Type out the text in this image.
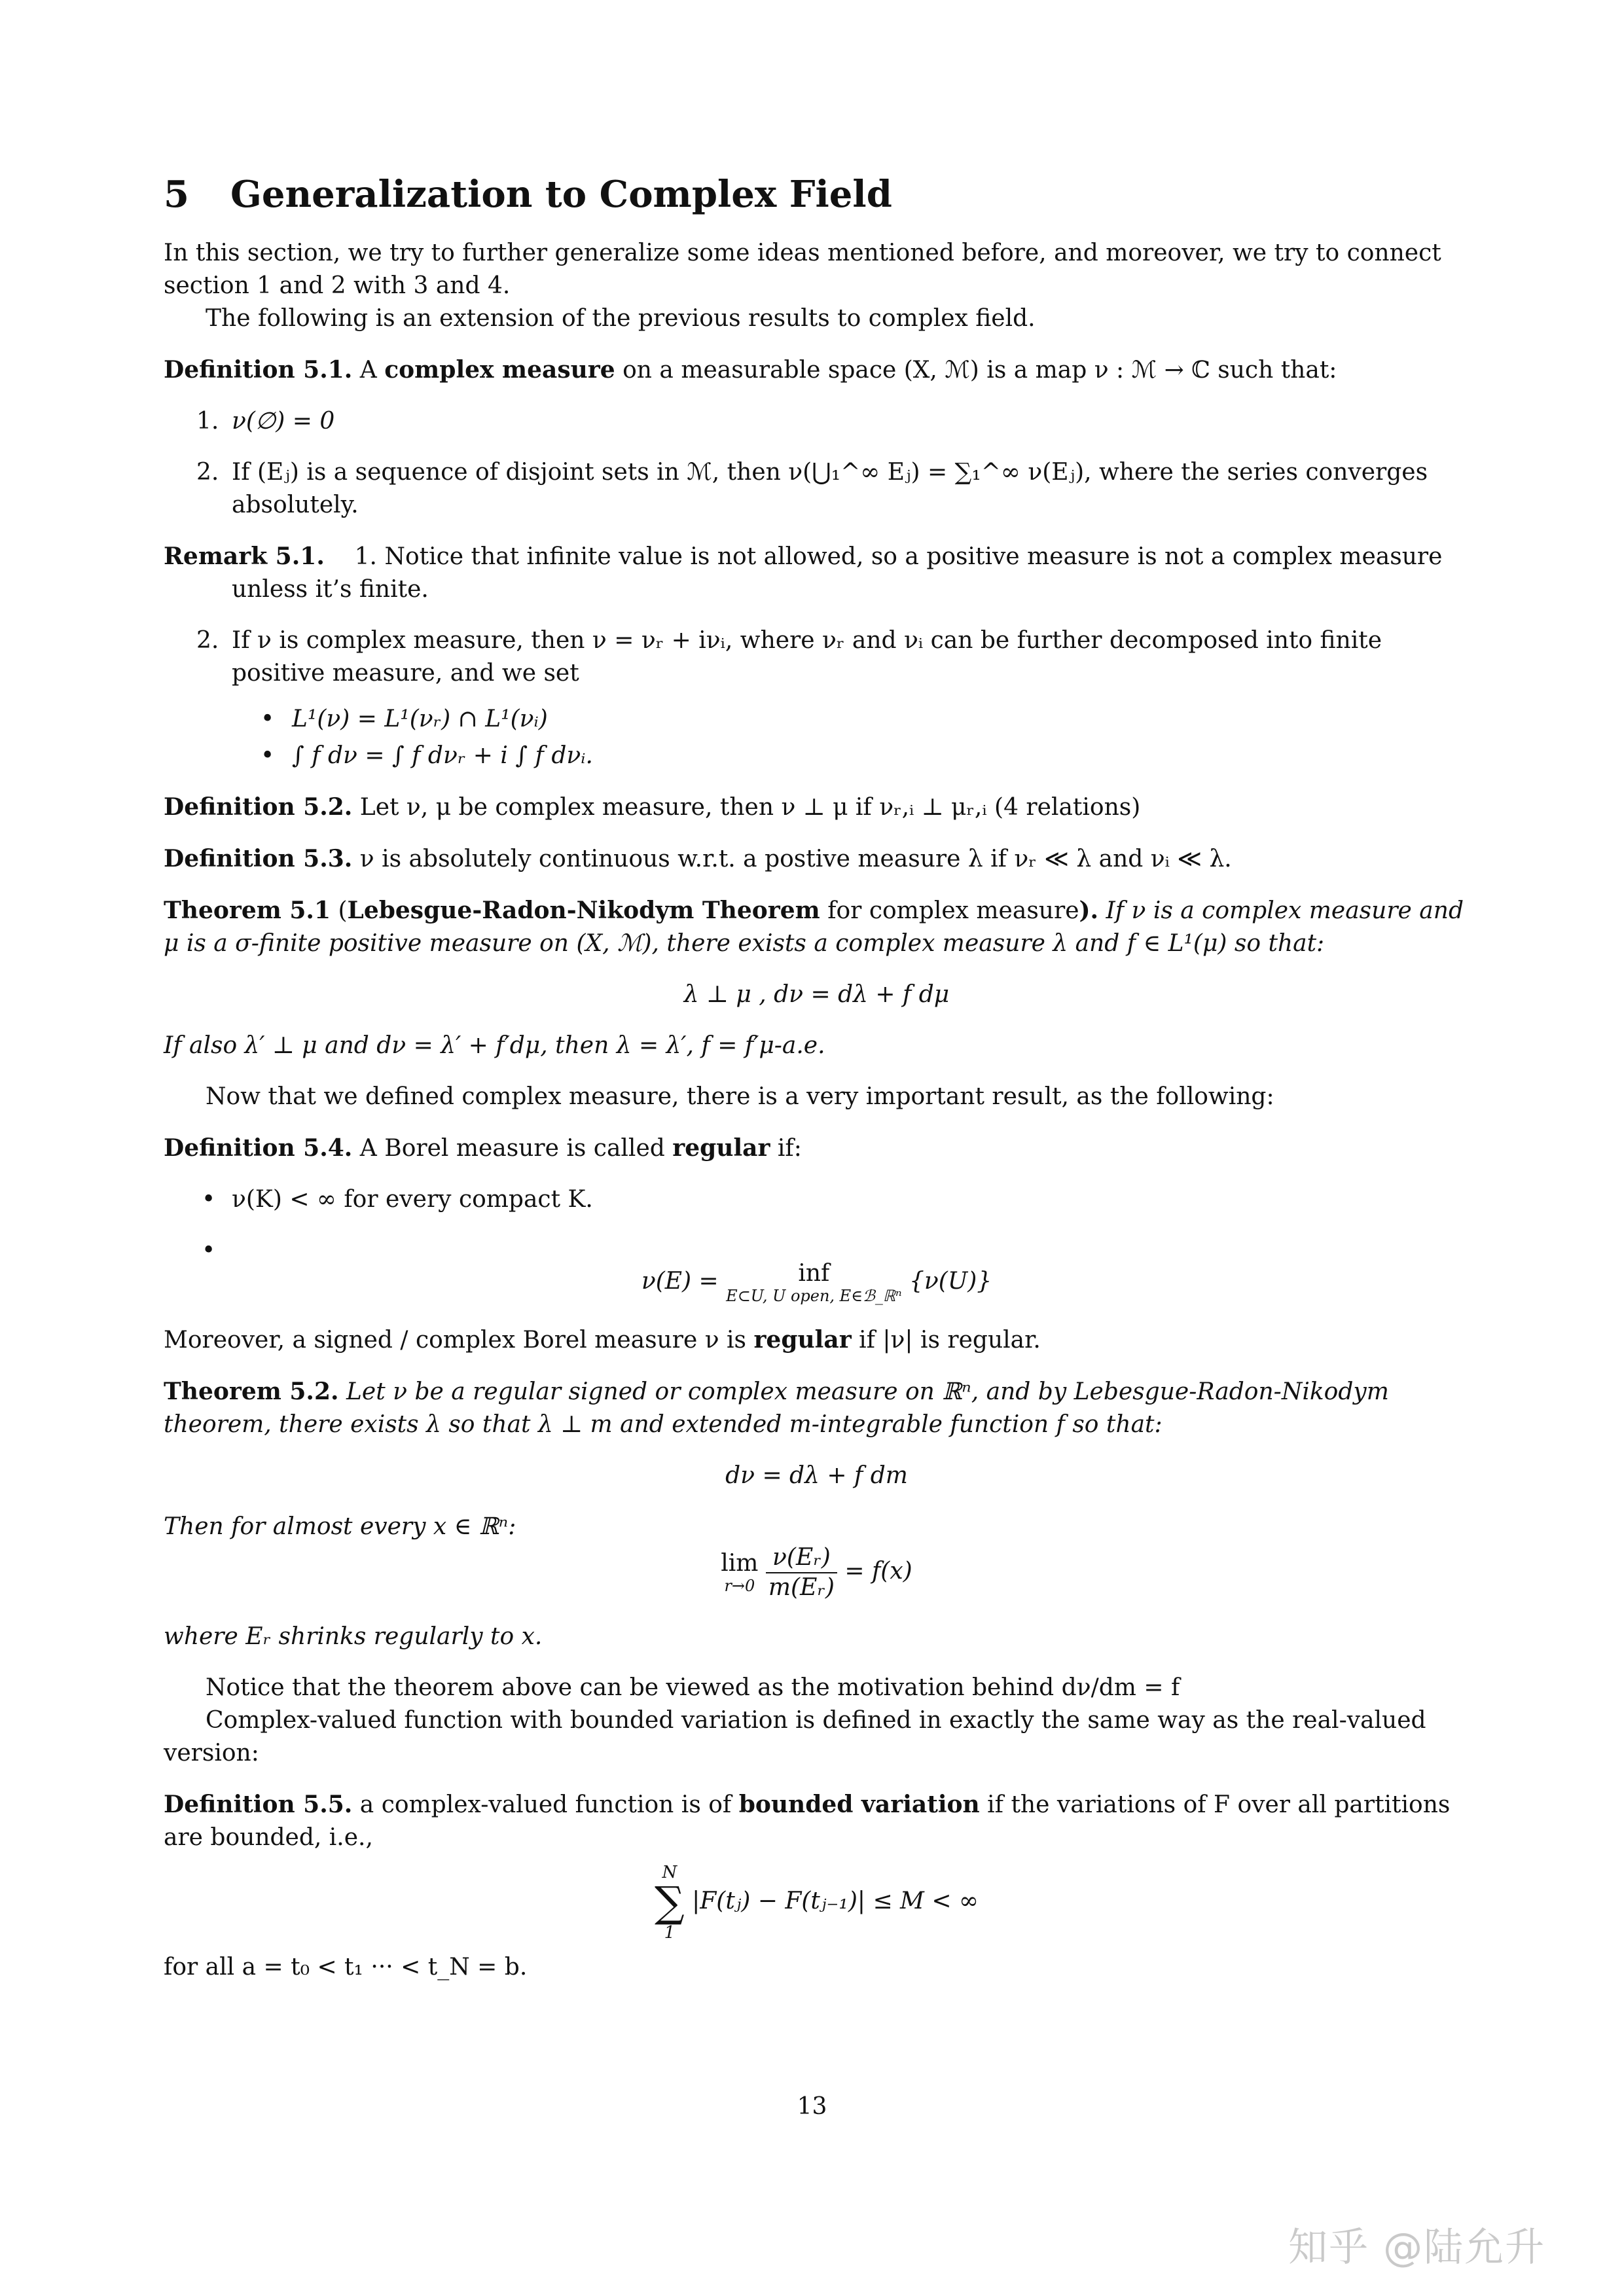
5 Generalization to Complex Field

In this section, we try to further generalize some ideas mentioned before, and moreover, we try to connect section 1 and 2 with 3 and 4.

The following is an extension of the previous results to complex field.

Definition 5.1. A complex measure on a measurable space (X, ℳ) is a map ν : ℳ → ℂ such that:

1. ν(∅) = 0
2. If (Eⱼ) is a sequence of disjoint sets in ℳ, then ν(⋃₁^∞ Eⱼ) = ∑₁^∞ ν(Eⱼ), where the series converges absolutely.

Remark 5.1. 1. Notice that infinite value is not allowed, so a positive measure is not a complex measure unless it’s finite.

2. If ν is complex measure, then ν = νᵣ + iνᵢ, where νᵣ and νᵢ can be further decomposed into finite positive measure, and we set
• L¹(ν) = L¹(νᵣ) ∩ L¹(νᵢ)
• ∫ f dν = ∫ f dνᵣ + i ∫ f dνᵢ.

Definition 5.2. Let ν, μ be complex measure, then ν ⊥ μ if νᵣ,ᵢ ⊥ μᵣ,ᵢ (4 relations)

Definition 5.3. ν is absolutely continuous w.r.t. a postive measure λ if νᵣ ≪ λ and νᵢ ≪ λ.

Theorem 5.1 (Lebesgue-Radon-Nikodym Theorem for complex measure). If ν is a complex measure and μ is a σ-finite positive measure on (X, ℳ), there exists a complex measure λ and f ∈ L¹(μ) so that:

λ ⊥ μ , dν = dλ + f dμ

If also λ′ ⊥ μ and dν = λ′ + f′dμ, then λ = λ′, f = f′μ-a.e.

Now that we defined complex measure, there is a very important result, as the following:

Definition 5.4. A Borel measure is called regular if:

• ν(K) < ∞ for every compact K.
•
ν(E) =	inf
E⊂U, U open, E∈ℬ_ℝⁿ
{ν(U)}

Moreover, a signed / complex Borel measure ν is regular if |ν| is regular.

Theorem 5.2. Let ν be a regular signed or complex measure on ℝⁿ, and by Lebesgue-Radon-Nikodym theorem, there exists λ so that λ ⊥ m and extended m-integrable function f so that:

dν = dλ + f dm

Then for almost every x ∈ ℝⁿ:

lim
r→0
$\frac{\text{ν(Eᵣ)}}{\text{m(Eᵣ)}} = f(x)$

where Eᵣ shrinks regularly to x.

Notice that the theorem above can be viewed as the motivation behind dν/dm = f

Complex-valued function with bounded variation is defined in exactly the same way as the real-valued version:

Definition 5.5. a complex-valued function is of bounded variation if the variations of F over all partitions are bounded, i.e.,

N
∑
1
|F(tⱼ) − F(tⱼ₋₁)| ≤ M < ∞

for all a = t₀ < t₁ ··· < t_N = b.

13
知乎 @陆允升
